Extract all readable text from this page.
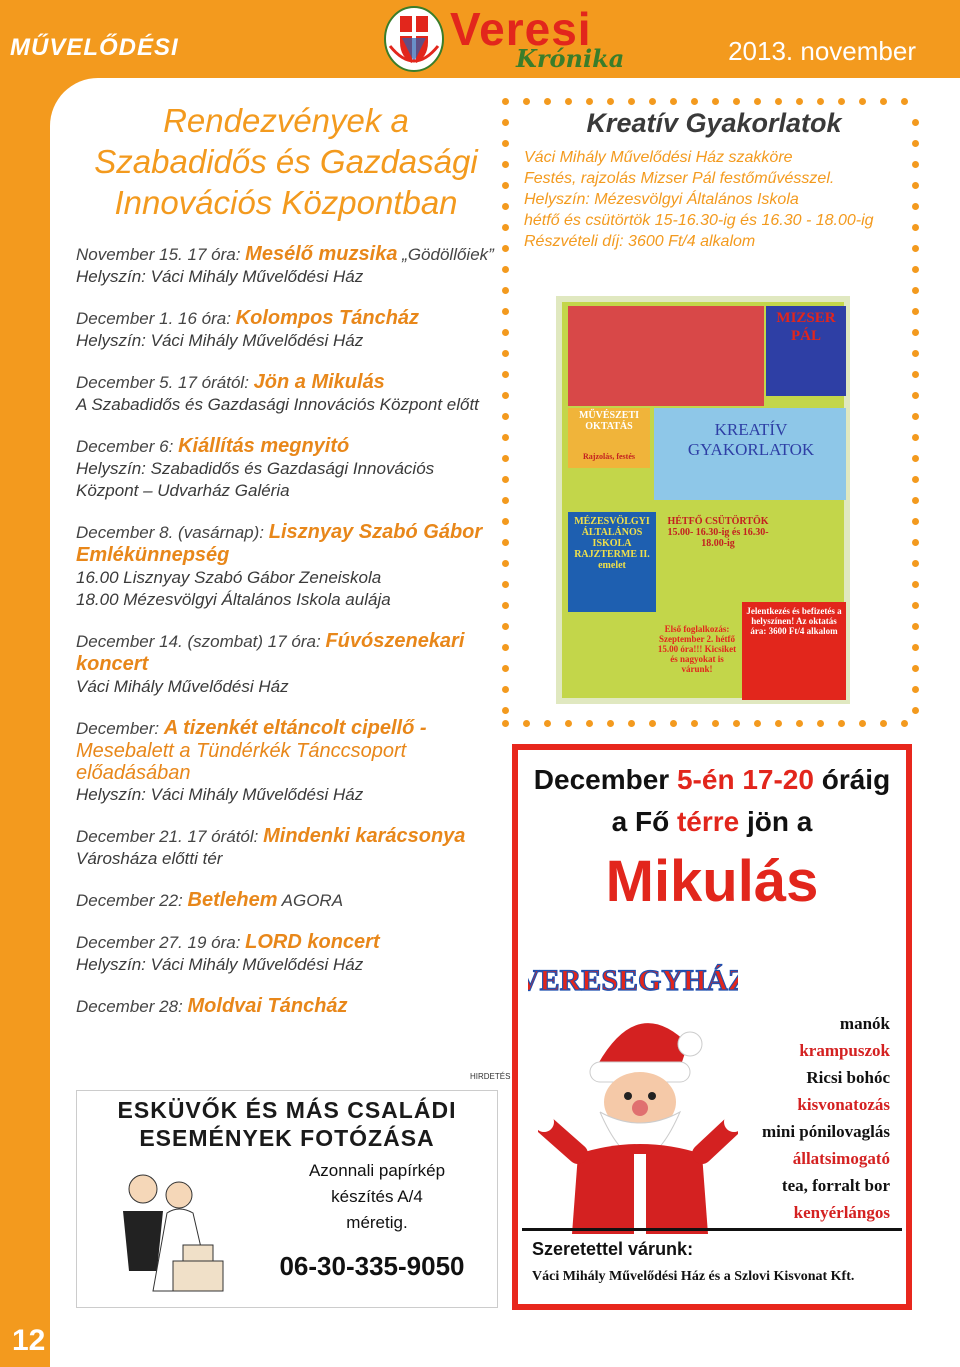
MŰVELŐDÉSI	2013. november
Veresi
Krónika
Rendezvények a Szabadidős és Gazdasági Innovációs Központban
November 15. 17 óra: Mesélő muzsika „Gödöllőiek”
Helyszín: Váci Mihály Művelődési Ház
December 1. 16 óra: Kolompos Táncház
Helyszín: Váci Mihály Művelődési Ház
December 5. 17 órától: Jön a Mikulás
A Szabadidős és Gazdasági Innovációs Központ előtt
December 6: Kiállítás megnyitó
Helyszín: Szabadidős és Gazdasági Innovációs Központ – Udvarház Galéria
December 8. (vasárnap): Lisznyay Szabó Gábor Emlékünnepség
16.00 Lisznyay Szabó Gábor Zeneiskola
18.00 Mézesvölgyi Általános Iskola aulája
December 14. (szombat) 17 óra: Fúvószenekari koncert
Váci Mihály Művelődési Ház
December: A tizenkét eltáncolt cipellő -
Mesebalett a Tündérkék Tánccsoport előadásában
Helyszín: Váci Mihály Művelődési Ház
December 21. 17 órától: Mindenki karácsonya
Városháza előtti tér
December 22: Betlehem AGORA
December 27. 19 óra: LORD koncert
Helyszín: Váci Mihály Művelődési Ház
December 28: Moldvai Táncház
Kreatív Gyakorlatok

Váci Mihály Művelődési Ház szakköre

Festés, rajzolás Mizser Pál festőművésszel.

Helyszín: Mézesvölgyi Általános Iskola

hétfő és csütörtök 15-16.30-ig és 16.30 - 18.00-ig

Részvételi díj: 3600 Ft/4 alkalom

MIZSER
PÁL
MŰVÉSZETI OKTATÁS
Rajzolás, festés
KREATÍV GYAKORLATOK
MÉZESVÖLGYI ÁLTALÁNOS ISKOLA RAJZTERME II. emelet
HÉTFŐ CSÜTÖRTÖK 15.00- 16.30-ig és 16.30- 18.00-ig
Jelentkezés és befizetés a helyszínen! Az oktatás ára: 3600 Ft/4 alkalom
Első foglalkozás: Szeptember 2. hétfő 15.00 óra!!! Kicsiket és nagyokat is várunk!
December 5-én 17-20 óráig
a Fő térre jön a
Mikulás
VERESEGYHÁZ
manók
krampuszok
Ricsi bohóc
kisvonatozás
mini pónilovaglás
állatsimogató
tea, forralt bor
kenyérlángos
Szeretettel várunk:
Váci Mihály Művelődési Ház és a Szlovi Kisvonat Kft.
HIRDETÉS
ESKÜVŐK ÉS MÁS CSALÁDI
ESEMÉNYEK FOTÓZÁSA
Azonnali papírkép
készítés A/4
méretig.
06-30-335-9050
12	2013. 11. szám • november
